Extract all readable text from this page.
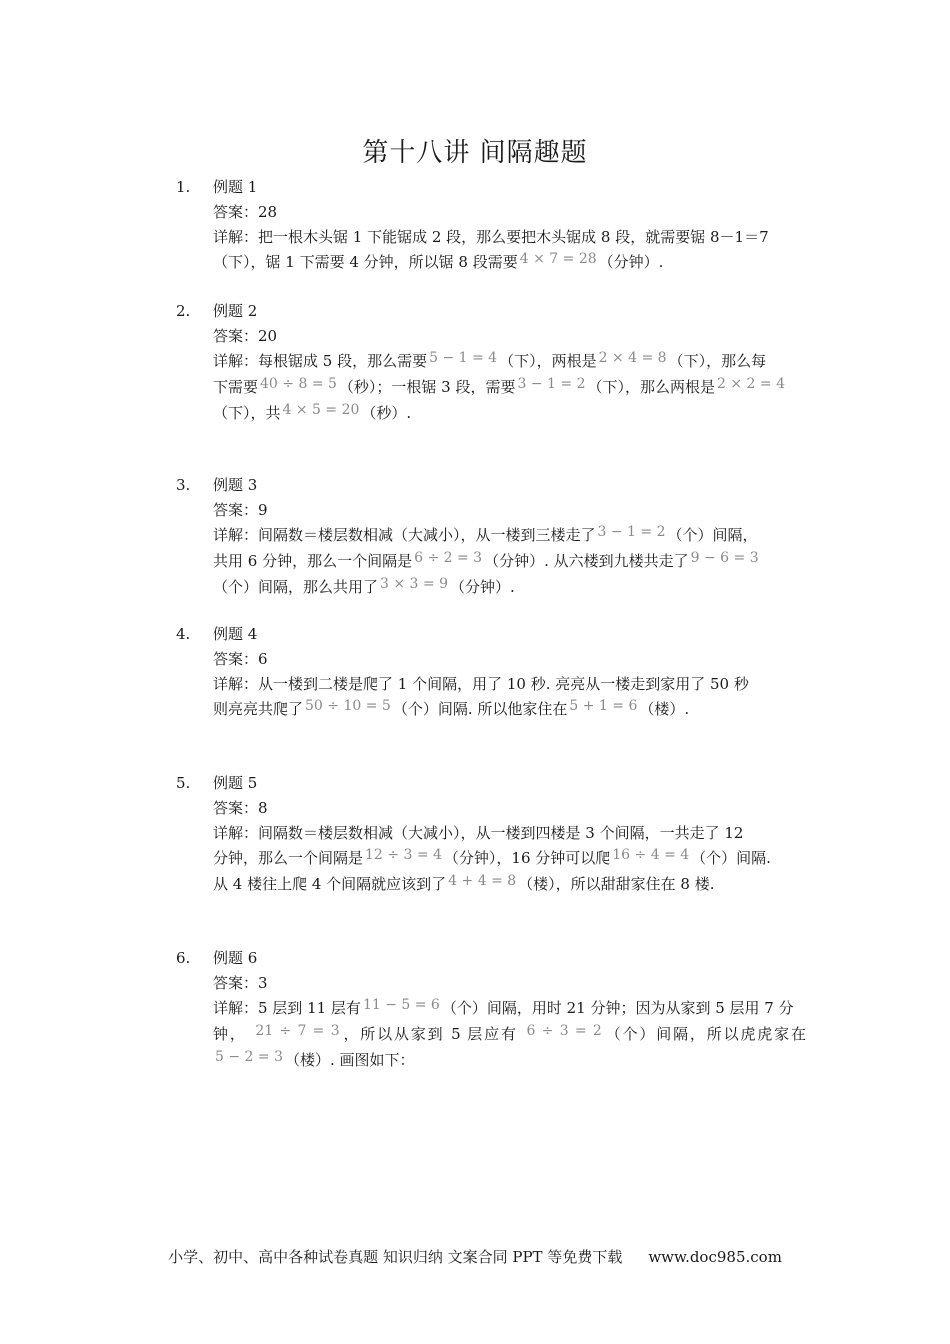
第十八讲 间隔趣题
1. 例题 1
答案：28
详解：把一根木头锯 1 下能锯成 2 段，那么要把木头锯成 8 段，就需要锯 8－1＝7
（下），锯 1 下需要 4 分钟，所以锯 8 段需要 4 × 7 = 28 （分钟）.
2. 例题 2
答案：20
详解：每根锯成 5 段，那么需要 5 − 1 = 4 （下），两根是 2 × 4 = 8 （下），那么每
下需要 40 ÷ 8 = 5 （秒）；一根锯 3 段，需要 3 − 1 = 2 （下），那么两根是 2 × 2 = 4
（下），共 4 × 5 = 20 （秒）.
3. 例题 3
答案：9
详解：间隔数＝楼层数相减（大减小），从一楼到三楼走了 3 − 1 = 2 （个）间隔，
共用 6 分钟，那么一个间隔是 6 ÷ 2 = 3 （分钟）. 从六楼到九楼共走了 9 − 6 = 3
（个）间隔，那么共用了 3 × 3 = 9 （分钟）.
4. 例题 4
答案：6
详解：从一楼到二楼是爬了 1 个间隔，用了 10 秒. 亮亮从一楼走到家用了 50 秒
则亮亮共爬了 50 ÷ 10 = 5 （个）间隔. 所以他家住在 5 + 1 = 6 （楼）.
5. 例题 5
答案：8
详解：间隔数＝楼层数相减（大减小），从一楼到四楼是 3 个间隔，一共走了 12
分钟，那么一个间隔是 12 ÷ 3 = 4 （分钟），16 分钟可以爬 16 ÷ 4 = 4 （个）间隔.
从 4 楼往上爬 4 个间隔就应该到了 4 + 4 = 8 （楼），所以甜甜家住在 8 楼.
6. 例题 6
答案：3
详解：5 层到 11 层有 11 − 5 = 6 （个）间隔，用时 21 分钟；因为从家到 5 层用 7 分
钟， 21 ÷ 7 = 3 ，所以从家到 5 层应有 6 ÷ 3 = 2 （个）间隔，所以虎虎家在
5 − 2 = 3 （楼）. 画图如下：
小学、初中、高中各种试卷真题 知识归纳 文案合同 PPT 等免费下载 www.doc985.com
